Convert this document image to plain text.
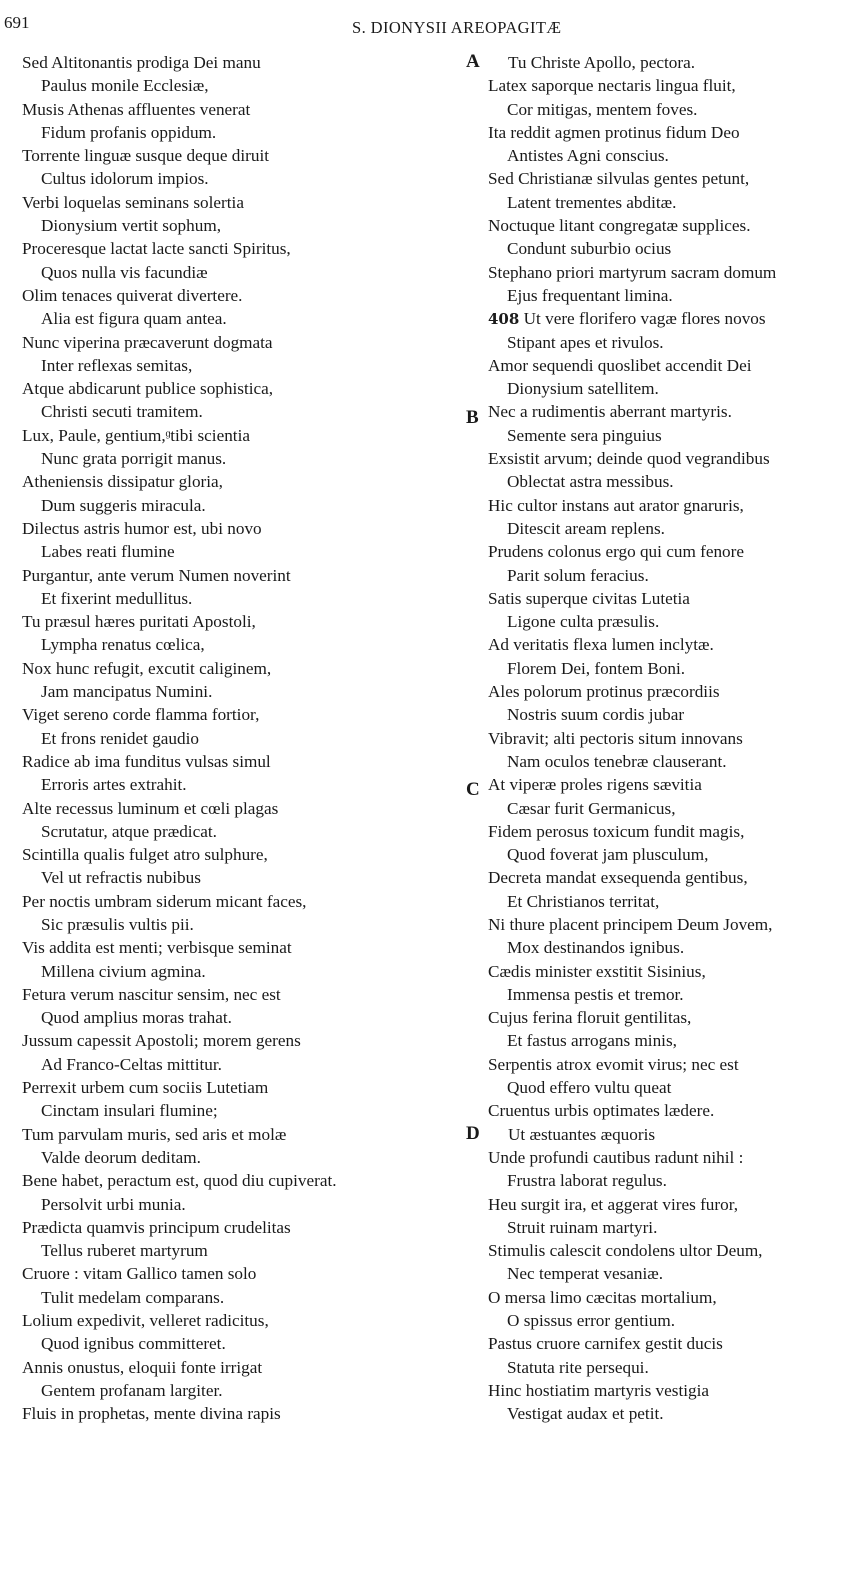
691	S. DIONYSII AREOPAGITÆ
Sed Altitonantis prodiga Dei manu
Paulus monile Ecclesiæ,
Musis Athenas affluentes venerat
Fidum profanis oppidum.
Torrente linguæ susque deque diruit
Cultus idolorum impios.
Verbi loquelas seminans solertia
Dionysium vertit sophum,
Proceresque lactat lacte sancti Spiritus,
Quos nulla vis facundiæ
Olim tenaces quiverat divertere.
Alia est figura quam antea.
Nunc viperina præcaverunt dogmata
Inter reflexas semitas,
Atque abdicarunt publice sophistica,
Christi secuti tramitem.
Lux, Paule, gentium,ᶢtibi scientia
Nunc grata porrigit manus.
Atheniensis dissipatur gloria,
Dum suggeris miracula.
Dilectus astris humor est, ubi novo
Labes reati flumine
Purgantur, ante verum Numen noverint
Et fixerint medullitus.
Tu præsul hæres puritati Apostoli,
Lympha renatus cœlica,
Nox hunc refugit, excutit caliginem,
Jam mancipatus Numini.
Viget sereno corde flamma fortior,
Et frons renidet gaudio
Radice ab ima funditus vulsas simul
Erroris artes extrahit.
Alte recessus luminum et cœli plagas
Scrutatur, atque prædicat.
Scintilla qualis fulget atro sulphure,
Vel ut refractis nubibus
Per noctis umbram siderum micant faces,
Sic præsulis vultis pii.
Vis addita est menti; verbisque seminat
Millena civium agmina.
Fetura verum nascitur sensim, nec est
Quod amplius moras trahat.
Jussum capessit Apostoli; morem gerens
Ad Franco-Celtas mittitur.
Perrexit urbem cum sociis Lutetiam
Cinctam insulari flumine;
Tum parvulam muris, sed aris et molæ
Valde deorum deditam.
Bene habet, peractum est, quod diu cupiverat.
Persolvit urbi munia.
Prædicta quamvis principum crudelitas
Tellus ruberet martyrum
Cruore : vitam Gallico tamen solo
Tulit medelam comparans.
Lolium expedivit, velleret radicitus,
Quod ignibus committeret.
Annis onustus, eloquii fonte irrigat
Gentem profanam largiter.
Fluis in prophetas, mente divina rapis
Tu Christe Apollo, pectora.
Latex saporque nectaris lingua fluit,
Cor mitigas, mentem foves.
Ita reddit agmen protinus fidum Deo
Antistes Agni conscius.
Sed Christianæ silvulas gentes petunt,
Latent trementes abditæ.
Noctuque litant congregatæ supplices.
Condunt suburbio ocius
Stephano priori martyrum sacram domum
Ejus frequentant limina.
408 Ut vere florifero vagæ flores novos
Stipant apes et rivulos.
Amor sequendi quoslibet accendit Dei
Dionysium satellitem.
Nec a rudimentis aberrant martyris.
Semente sera pinguius
Exsistit arvum; deinde quod vegrandibus
Oblectat astra messibus.
Hic cultor instans aut arator gnaruris,
Ditescit aream replens.
Prudens colonus ergo qui cum fenore
Parit solum feracius.
Satis superque civitas Lutetia
Ligone culta præsulis.
Ad veritatis flexa lumen inclytæ.
Florem Dei, fontem Boni.
Ales polorum protinus præcordiis
Nostris suum cordis jubar
Vibravit; alti pectoris situm innovans
Nam oculos tenebræ clauserant.
At viperæ proles rigens sævitia
Cæsar furit Germanicus,
Fidem perosus toxicum fundit magis,
Quod foverat jam plusculum,
Decreta mandat exsequenda gentibus,
Et Christianos territat,
Ni thure placent principem Deum Jovem,
Mox destinandos ignibus.
Cædis minister exstitit Sisinius,
Immensa pestis et tremor.
Cujus ferina floruit gentilitas,
Et fastus arrogans minis,
Serpentis atrox evomit virus; nec est
Quod effero vultu queat
Cruentus urbis optimates lædere.
Ut æstuantes æquoris
Unde profundi cautibus radunt nihil :
Frustra laborat regulus.
Heu surgit ira, et aggerat vires furor,
Struit ruinam martyri.
Stimulis calescit condolens ultor Deum,
Nec temperat vesaniæ.
O mersa limo cæcitas mortalium,
O spissus error gentium.
Pastus cruore carnifex gestit ducis
Statuta rite persequi.
Hinc hostiatim martyris vestigia
Vestigat audax et petit.
A
B
C
D
